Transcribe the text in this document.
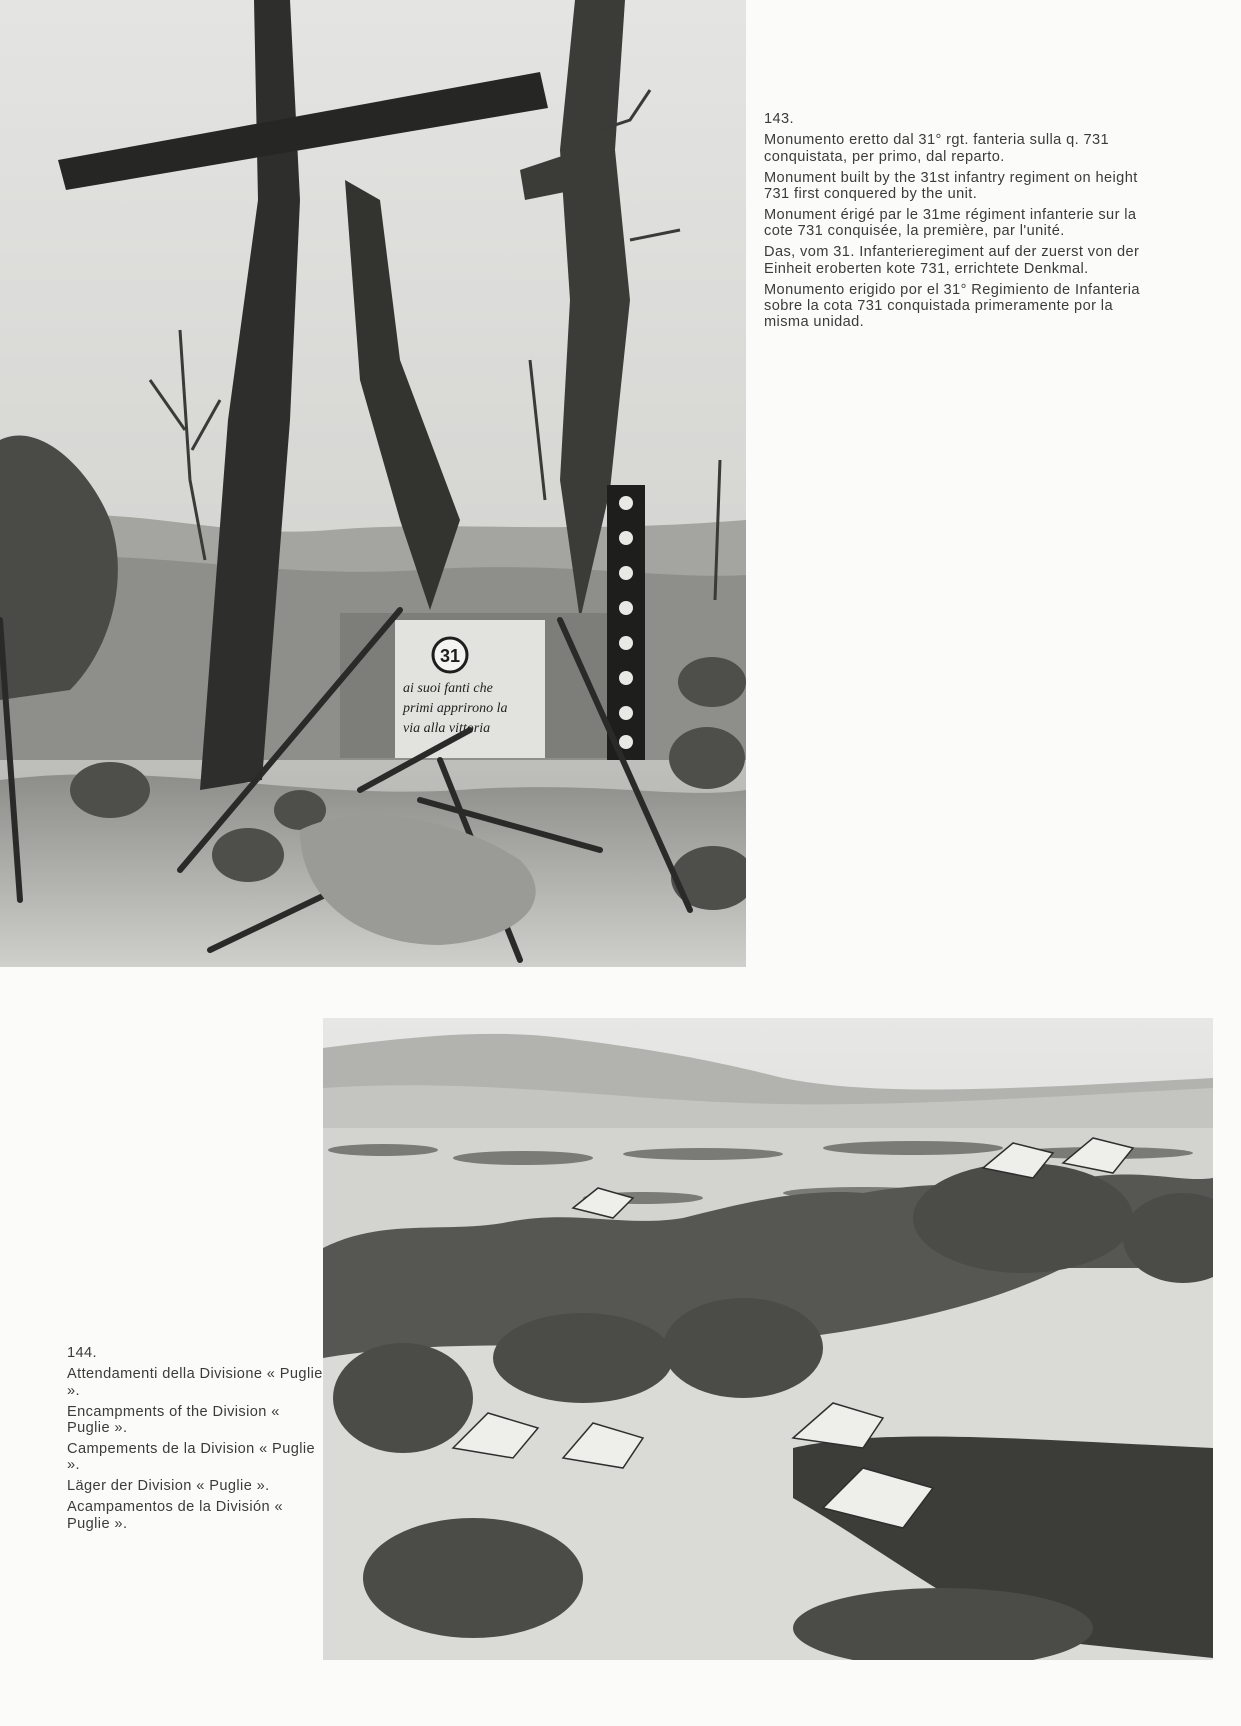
31
ai suoi fanti che
primi apprirono la
via alla vittoria
143.
Monumento eretto dal 31° rgt. fanteria sulla q. 731 conquistata, per primo, dal reparto.
Monument built by the 31st infantry regiment on height 731 first conquered by the unit.
Monument érigé par le 31me régiment infanterie sur la cote 731 conquisée, la première, par l'unité.
Das, vom 31. Infanterieregiment auf der zuerst von der Einheit eroberten kote 731, errichtete Denkmal.
Monumento erigido por el 31° Regimiento de Infanteria sobre la cota 731 conquistada primeramente por la misma unidad.
144.
Attendamenti della Divisione « Puglie ».
Encampments of the Division « Puglie ».
Campements de la Division « Puglie ».
Läger der Division « Puglie ».
Acampamentos de la División « Puglie ».
